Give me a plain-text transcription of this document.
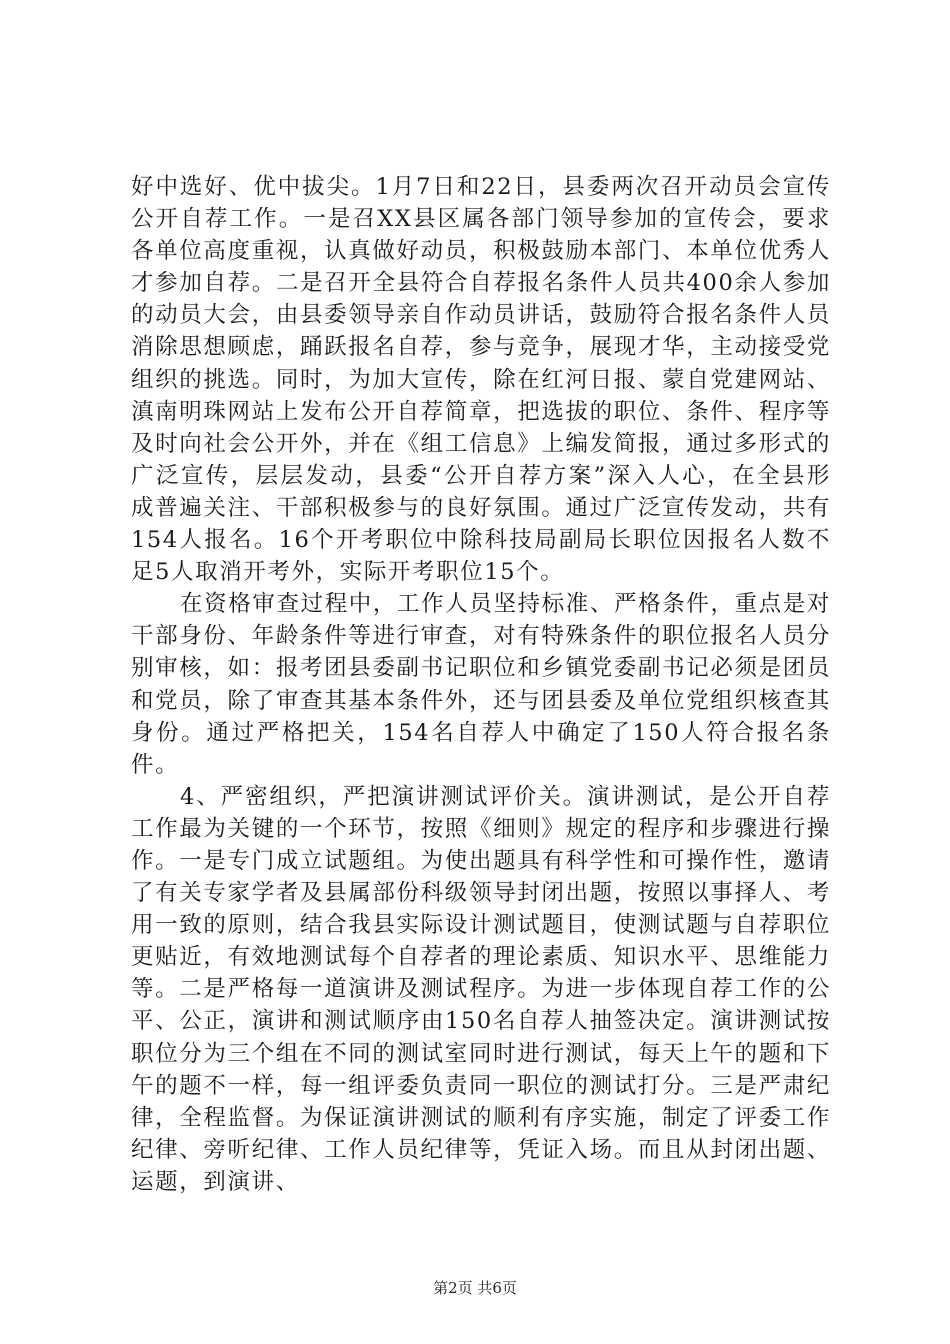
好中选好、优中拔尖。1月7日和22日，县委两次召开动员会宣传公开自荐工作。一是召XX县区属各部门领导参加的宣传会，要求各单位高度重视，认真做好动员，积极鼓励本部门、本单位优秀人才参加自荐。二是召开全县符合自荐报名条件人员共400余人参加的动员大会，由县委领导亲自作动员讲话，鼓励符合报名条件人员消除思想顾虑，踊跃报名自荐，参与竞争，展现才华，主动接受党组织的挑选。同时，为加大宣传，除在红河日报、蒙自党建网站、滇南明珠网站上发布公开自荐简章，把选拔的职位、条件、程序等及时向社会公开外，并在《组工信息》上编发简报，通过多形式的广泛宣传，层层发动，县委“公开自荐方案”深入人心，在全县形成普遍关注、干部积极参与的良好氛围。通过广泛宣传发动，共有154人报名。16个开考职位中除科技局副局长职位因报名人数不足5人取消开考外，实际开考职位15个。

在资格审查过程中，工作人员坚持标准、严格条件，重点是对干部身份、年龄条件等进行审查，对有特殊条件的职位报名人员分别审核，如：报考团县委副书记职位和乡镇党委副书记必须是团员和党员，除了审查其基本条件外，还与团县委及单位党组织核查其身份。通过严格把关，154名自荐人中确定了150人符合报名条件。

4、严密组织，严把演讲测试评价关。演讲测试，是公开自荐工作最为关键的一个环节，按照《细则》规定的程序和步骤进行操作。一是专门成立试题组。为使出题具有科学性和可操作性，邀请了有关专家学者及县属部份科级领导封闭出题，按照以事择人、考用一致的原则，结合我县实际设计测试题目，使测试题与自荐职位更贴近，有效地测试每个自荐者的理论素质、知识水平、思维能力等。二是严格每一道演讲及测试程序。为进一步体现自荐工作的公平、公正，演讲和测试顺序由150名自荐人抽签决定。演讲测试按职位分为三个组在不同的测试室同时进行测试，每天上午的题和下午的题不一样，每一组评委负责同一职位的测试打分。三是严肃纪律，全程监督。为保证演讲测试的顺利有序实施，制定了评委工作纪律、旁听纪律、工作人员纪律等，凭证入场。而且从封闭出题、运题，到演讲、

第2页 共6页
